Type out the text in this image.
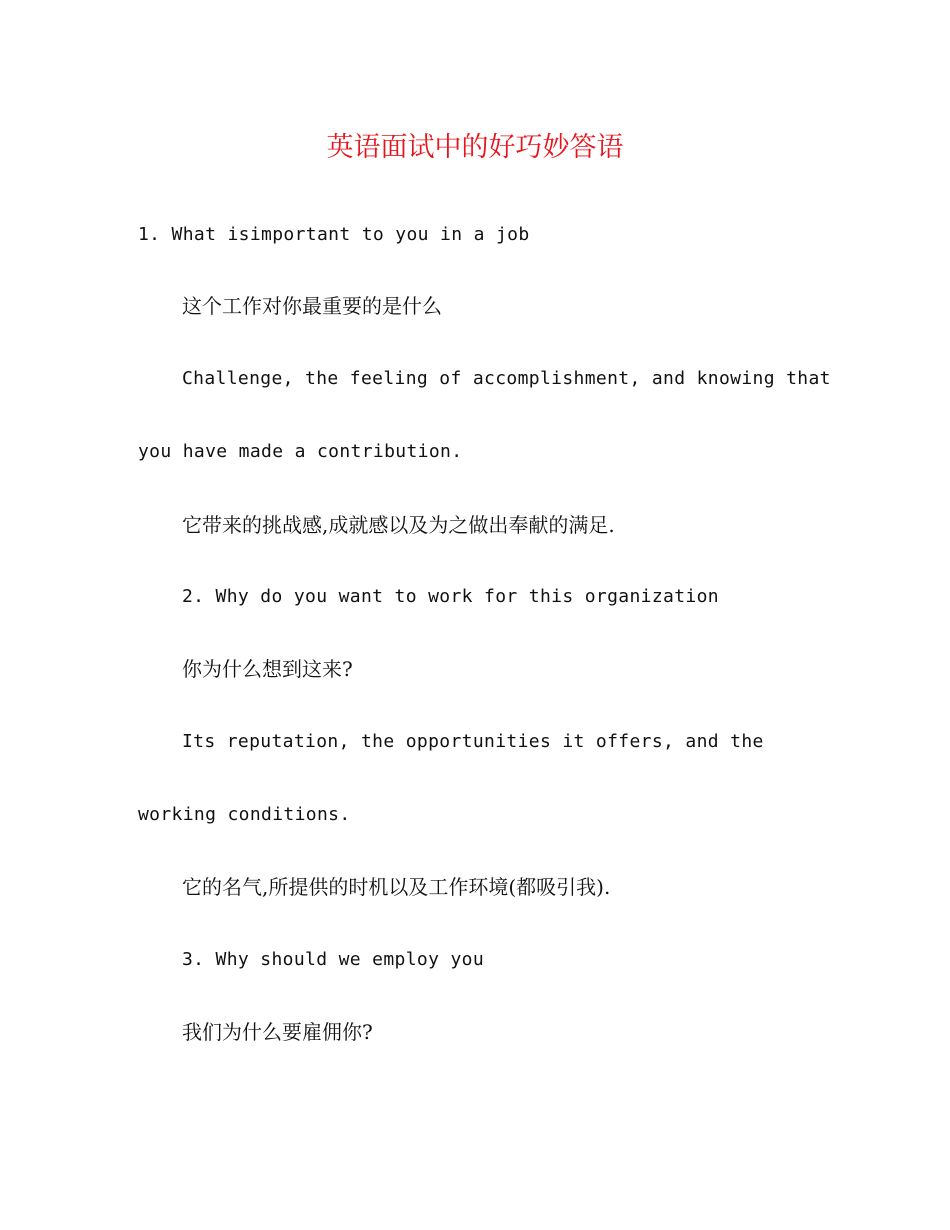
英语面试中的好巧妙答语
1. What isimportant to you in a job
这个工作对你最重要的是什么
Challenge, the feeling of accomplishment, and knowing that
you have made a contribution.
它带来的挑战感,成就感以及为之做出奉献的满足.
2. Why do you want to work for this organization
你为什么想到这来?
Its reputation, the opportunities it offers, and the
working conditions.
它的名气,所提供的时机以及工作环境(都吸引我).
3. Why should we employ you
我们为什么要雇佣你?
